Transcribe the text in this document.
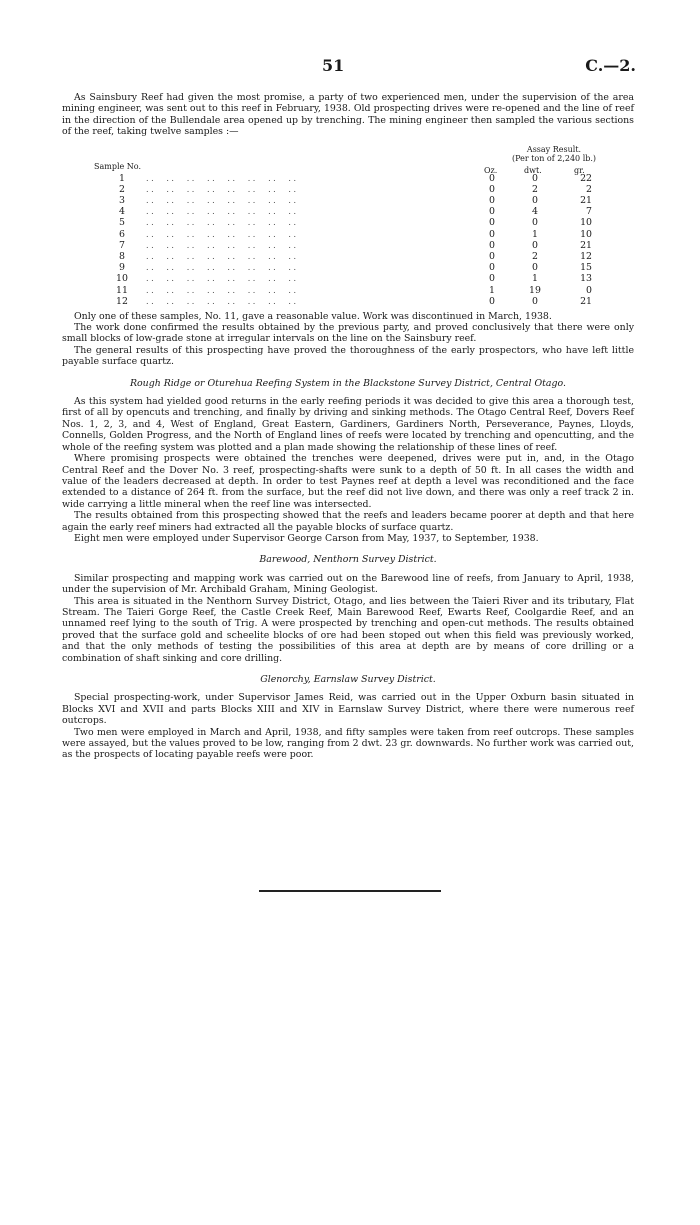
51	C.—2.

As Sainsbury Reef had given the most promise, a party of two experienced men, under the supervision of the area mining engineer, was sent out to this reef in February, 1938. Old prospecting drives were re-opened and the line of reef in the direction of the Bullendale area opened up by trenching. The mining engineer then sampled the various sections of the reef, taking twelve samples :—

Assay Result.
(Per ton of 2,240 lb.)
Sample No.	Oz.	dwt.	gr.
1	. .     . .     . .     . .     . .     . .     . .     . .	0	0	22
2	. .     . .     . .     . .     . .     . .     . .     . .	0	2	2
3	. .     . .     . .     . .     . .     . .     . .     . .	0	0	21
4	. .     . .     . .     . .     . .     . .     . .     . .	0	4	7
5	. .     . .     . .     . .     . .     . .     . .     . .	0	0	10
6	. .     . .     . .     . .     . .     . .     . .     . .	0	1	10
7	. .     . .     . .     . .     . .     . .     . .     . .	0	0	21
8	. .     . .     . .     . .     . .     . .     . .     . .	0	2	12
9	. .     . .     . .     . .     . .     . .     . .     . .	0	0	15
10 . .     . .     . .     . .     . .     . .     . .     . .	0	1	13
11 . .     . .     . .     . .     . .     . .     . .     . .	1	19	0
12 . .     . .     . .     . .     . .     . .     . .     . .	0	0	21

Only one of these samples, No. 11, gave a reasonable value. Work was discontinued in March, 1938.

The work done confirmed the results obtained by the previous party, and proved conclusively that there were only small blocks of low-grade stone at irregular intervals on the line on the Sainsbury reef.

The general results of this prospecting have proved the thoroughness of the early prospectors, who have left little payable surface quartz.

Rough Ridge or Oturehua Reefing System in the Blackstone Survey District, Central Otago.

As this system had yielded good returns in the early reefing periods it was decided to give this area a thorough test, first of all by opencuts and trenching, and finally by driving and sinking methods. The Otago Central Reef, Dovers Reef Nos. 1, 2, 3, and 4, West of England, Great Eastern, Gardiners, Gardiners North, Perseverance, Paynes, Lloyds, Connells, Golden Progress, and the North of England lines of reefs were located by trenching and opencutting, and the whole of the reefing system was plotted and a plan made showing the relationship of these lines of reef.

Where promising prospects were obtained the trenches were deepened, drives were put in, and, in the Otago Central Reef and the Dover No. 3 reef, prospecting-shafts were sunk to a depth of 50 ft. In all cases the width and value of the leaders decreased at depth. In order to test Paynes reef at depth a level was reconditioned and the face extended to a distance of 264 ft. from the surface, but the reef did not live down, and there was only a reef track 2 in. wide carrying a little mineral when the reef line was intersected.

The results obtained from this prospecting showed that the reefs and leaders became poorer at depth and that here again the early reef miners had extracted all the payable blocks of surface quartz.

Eight men were employed under Supervisor George Carson from May, 1937, to September, 1938.

Barewood, Nenthorn Survey District.

Similar prospecting and mapping work was carried out on the Barewood line of reefs, from January to April, 1938, under the supervision of Mr. Archibald Graham, Mining Geologist.

This area is situated in the Nenthorn Survey District, Otago, and lies between the Taieri River and its tributary, Flat Stream. The Taieri Gorge Reef, the Castle Creek Reef, Main Barewood Reef, Ewarts Reef, Coolgardie Reef, and an unnamed reef lying to the south of Trig. A were prospected by trenching and open-cut methods. The results obtained proved that the surface gold and scheelite blocks of ore had been stoped out when this field was previously worked, and that the only methods of testing the possibilities of this area at depth are by means of core drilling or a combination of shaft sinking and core drilling.

Glenorchy, Earnslaw Survey District.

Special prospecting-work, under Supervisor James Reid, was carried out in the Upper Oxburn basin situated in Blocks XVI and XVII and parts Blocks XIII and XIV in Earnslaw Survey District, where there were numerous reef outcrops.

Two men were employed in March and April, 1938, and fifty samples were taken from reef outcrops. These samples were assayed, but the values proved to be low, ranging from 2 dwt. 23 gr. downwards. No further work was carried out, as the prospects of locating payable reefs were poor.
